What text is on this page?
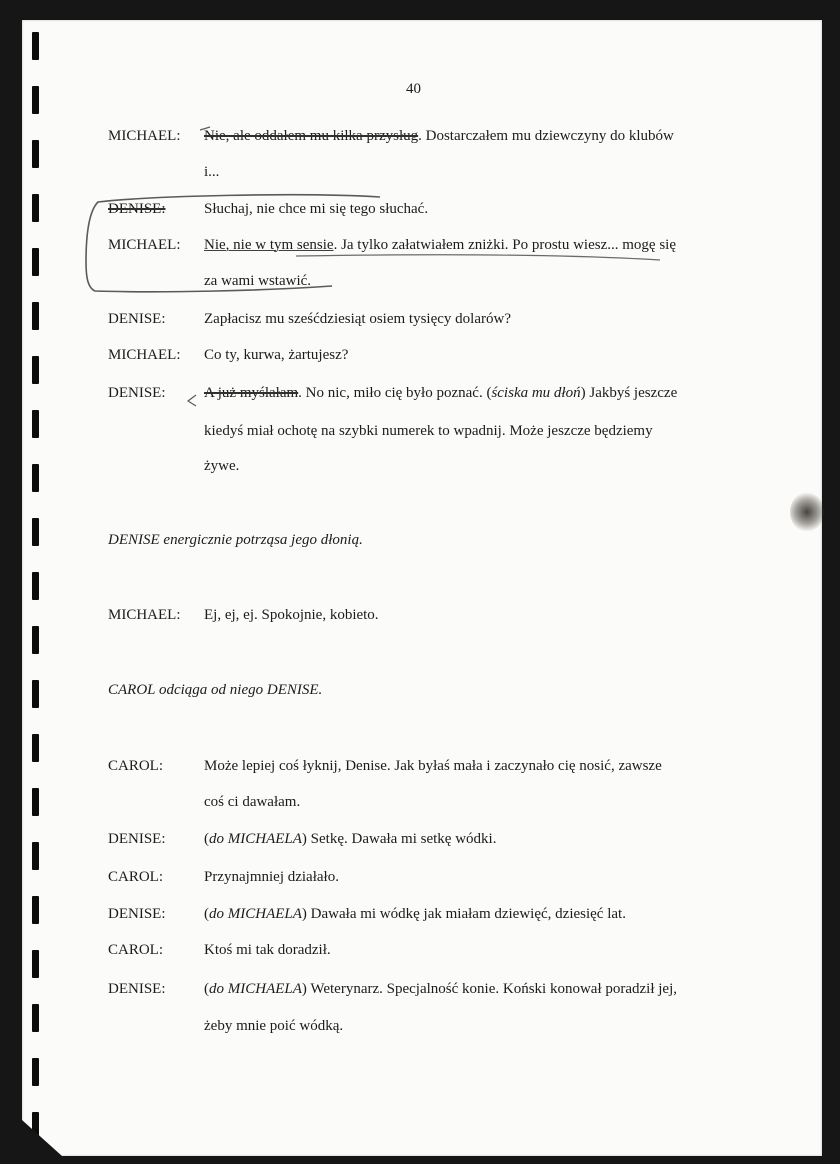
40
MICHAEL: Nie, ale oddałem mu kilka przysług. Dostarczałem mu dziewczyny do klubów
i...
DENISE:	Słuchaj, nie chce mi się tego słuchać.
MICHAEL: Nie, nie w tym sensie. Ja tylko załatwiałem zniżki. Po prostu wiesz... mogę się
za wami wstawić.
DENISE:	Zapłacisz mu sześćdziesiąt osiem tysięcy dolarów?
MICHAEL: Co ty, kurwa, żartujesz?
DENISE:	A już myślałam. No nic, miło cię było poznać. (ściska mu dłoń) Jakbyś jeszcze
kiedyś miał ochotę na szybki numerek to wpadnij. Może jeszcze będziemy
żywe.
DENISE energicznie potrząsa jego dłonią.
MICHAEL: Ej, ej, ej. Spokojnie, kobieto.
CAROL odciąga od niego DENISE.
CAROL:	Może lepiej coś łyknij, Denise. Jak byłaś mała i zaczynało cię nosić, zawsze
coś ci dawałam.
DENISE:	(do MICHAELA) Setkę. Dawała mi setkę wódki.
CAROL:	Przynajmniej działało.
DENISE:	(do MICHAELA) Dawała mi wódkę jak miałam dziewięć, dziesięć lat.
CAROL:	Ktoś mi tak doradził.
DENISE:	(do MICHAELA) Weterynarz. Specjalność konie. Koński konował poradził jej,
żeby mnie poić wódką.
